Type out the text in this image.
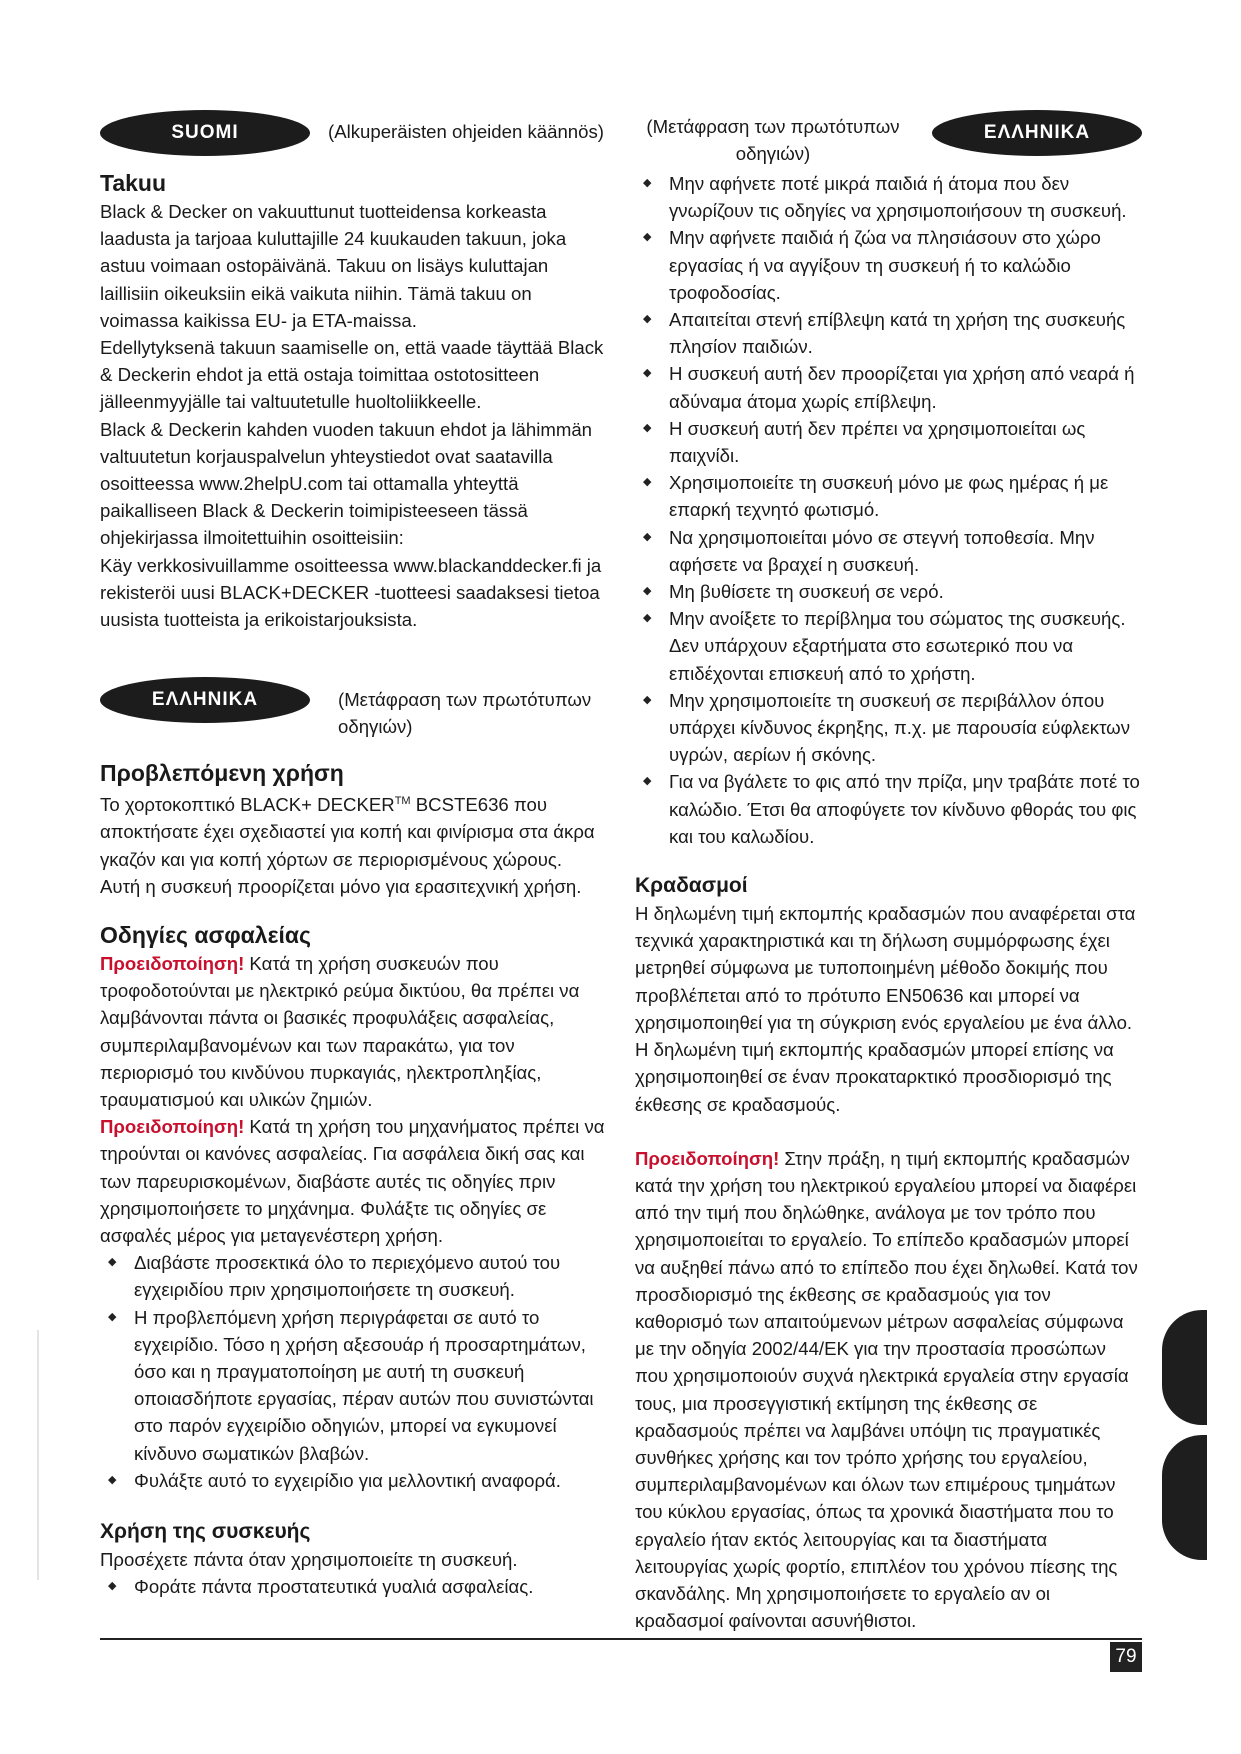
SUOMI	(Alkuperäisten ohjeiden käännös)
Takuu

Black & Decker on vakuuttunut tuotteidensa korkeasta laadusta ja tarjoaa kuluttajille 24 kuukauden takuun, joka astuu voimaan ostopäivänä. Takuu on lisäys kuluttajan laillisiin oikeuksiin eikä vaikuta niihin. Tämä takuu on voimassa kaikissa EU- ja ETA-maissa.

Edellytyksenä takuun saamiselle on, että vaade täyttää Black & Deckerin ehdot ja että ostaja toimittaa ostotositteen jälleenmyyjälle tai valtuutetulle huoltoliikkeelle.

Black & Deckerin kahden vuoden takuun ehdot ja lähimmän valtuutetun korjauspalvelun yhteystiedot ovat saatavilla osoitteessa www.2helpU.com tai ottamalla yhteyttä paikalliseen Black & Deckerin toimipisteeseen tässä ohjekirjassa ilmoitettuihin osoitteisiin:

Käy verkkosivuillamme osoitteessa www.blackanddecker.fi ja rekisteröi uusi BLACK+DECKER -tuotteesi saadaksesi tietoa uusista tuotteista ja erikoistarjouksista.

ΕΛΛΗΝΙΚΑ	(Μετάφραση των πρωτότυπων οδηγιών)
Προβλεπόμενη χρήση

Το χορτοκοπτικό BLACK+ DECKER™ BCSTE636 που αποκτήσατε έχει σχεδιαστεί για κοπή και φινίρισμα στα άκρα γκαζόν και για κοπή χόρτων σε περιορισμένους χώρους. Αυτή η συσκευή προορίζεται μόνο για ερασιτεχνική χρήση.

Οδηγίες ασφαλείας

Προειδοποίηση! Κατά τη χρήση συσκευών που τροφοδοτούνται με ηλεκτρικό ρεύμα δικτύου, θα πρέπει να λαμβάνονται πάντα οι βασικές προφυλάξεις ασφαλείας, συμπεριλαμβανομένων και των παρακάτω, για τον περιορισμό του κινδύνου πυρκαγιάς, ηλεκτροπληξίας, τραυματισμού και υλικών ζημιών.

Προειδοποίηση! Κατά τη χρήση του μηχανήματος πρέπει να τηρούνται οι κανόνες ασφαλείας. Για ασφάλεια δική σας και των παρευρισκομένων, διαβάστε αυτές τις οδηγίες πριν χρησιμοποιήσετε το μηχάνημα. Φυλάξτε τις οδηγίες σε ασφαλές μέρος για μεταγενέστερη χρήση.

◆ Διαβάστε προσεκτικά όλο το περιεχόμενο αυτού του εγχειριδίου πριν χρησιμοποιήσετε τη συσκευή.
◆ Η προβλεπόμενη χρήση περιγράφεται σε αυτό το εγχειρίδιο. Τόσο η χρήση αξεσουάρ ή προσαρτημάτων, όσο και η πραγματοποίηση με αυτή τη συσκευή οποιασδήποτε εργασίας, πέραν αυτών που συνιστώνται στο παρόν εγχειρίδιο οδηγιών, μπορεί να εγκυμονεί κίνδυνο σωματικών βλαβών.
◆ Φυλάξτε αυτό το εγχειρίδιο για μελλοντική αναφορά.
Χρήση της συσκευής

Προσέχετε πάντα όταν χρησιμοποιείτε τη συσκευή.

◆ Φοράτε πάντα προστατευτικά γυαλιά ασφαλείας.
(Μετάφραση των πρωτότυπων οδηγιών)
ΕΛΛΗΝΙΚΑ
◆ Μην αφήνετε ποτέ μικρά παιδιά ή άτομα που δεν γνωρίζουν τις οδηγίες να χρησιμοποιήσουν τη συσκευή.
◆ Μην αφήνετε παιδιά ή ζώα να πλησιάσουν στο χώρο εργασίας ή να αγγίξουν τη συσκευή ή το καλώδιο τροφοδοσίας.
◆ Απαιτείται στενή επίβλεψη κατά τη χρήση της συσκευής πλησίον παιδιών.
◆ Η συσκευή αυτή δεν προορίζεται για χρήση από νεαρά ή αδύναμα άτομα χωρίς επίβλεψη.
◆ Η συσκευή αυτή δεν πρέπει να χρησιμοποιείται ως παιχνίδι.
◆ Χρησιμοποιείτε τη συσκευή μόνο με φως ημέρας ή με επαρκή τεχνητό φωτισμό.
◆ Να χρησιμοποιείται μόνο σε στεγνή τοποθεσία. Μην αφήσετε να βραχεί η συσκευή.
◆ Μη βυθίσετε τη συσκευή σε νερό.
◆ Μην ανοίξετε το περίβλημα του σώματος της συσκευής. Δεν υπάρχουν εξαρτήματα στο εσωτερικό που να επιδέχονται επισκευή από το χρήστη.
◆ Μην χρησιμοποιείτε τη συσκευή σε περιβάλλον όπου υπάρχει κίνδυνος έκρηξης, π.χ. με παρουσία εύφλεκτων υγρών, αερίων ή σκόνης.
◆ Για να βγάλετε το φις από την πρίζα, μην τραβάτε ποτέ το καλώδιο. Έτσι θα αποφύγετε τον κίνδυνο φθοράς του φις και του καλωδίου.
Κραδασμοί

Η δηλωμένη τιμή εκπομπής κραδασμών που αναφέρεται στα τεχνικά χαρακτηριστικά και τη δήλωση συμμόρφωσης έχει μετρηθεί σύμφωνα με τυποποιημένη μέθοδο δοκιμής που προβλέπεται από το πρότυπο EN50636 και μπορεί να χρησιμοποιηθεί για τη σύγκριση ενός εργαλείου με ένα άλλο. Η δηλωμένη τιμή εκπομπής κραδασμών μπορεί επίσης να χρησιμοποιηθεί σε έναν προκαταρκτικό προσδιορισμό της έκθεσης σε κραδασμούς.

Προειδοποίηση! Στην πράξη, η τιμή εκπομπής κραδασμών κατά την χρήση του ηλεκτρικού εργαλείου μπορεί να διαφέρει από την τιμή που δηλώθηκε, ανάλογα με τον τρόπο που χρησιμοποιείται το εργαλείο. Το επίπεδο κραδασμών μπορεί να αυξηθεί πάνω από το επίπεδο που έχει δηλωθεί. Κατά τον προσδιορισμό της έκθεσης σε κραδασμούς για τον καθορισμό των απαιτούμενων μέτρων ασφαλείας σύμφωνα με την οδηγία 2002/44/ΕΚ για την προστασία προσώπων που χρησιμοποιούν συχνά ηλεκτρικά εργαλεία στην εργασία τους, μια προσεγγιστική εκτίμηση της έκθεσης σε κραδασμούς πρέπει να λαμβάνει υπόψη τις πραγματικές συνθήκες χρήσης και τον τρόπο χρήσης του εργαλείου, συμπεριλαμβανομένων και όλων των επιμέρους τμημάτων του κύκλου εργασίας, όπως τα χρονικά διαστήματα που το εργαλείο ήταν εκτός λειτουργίας και τα διαστήματα λειτουργίας χωρίς φορτίο, επιπλέον του χρόνου πίεσης της σκανδάλης. Μη χρησιμοποιήσετε το εργαλείο αν οι κραδασμοί φαίνονται ασυνήθιστοι.

79
